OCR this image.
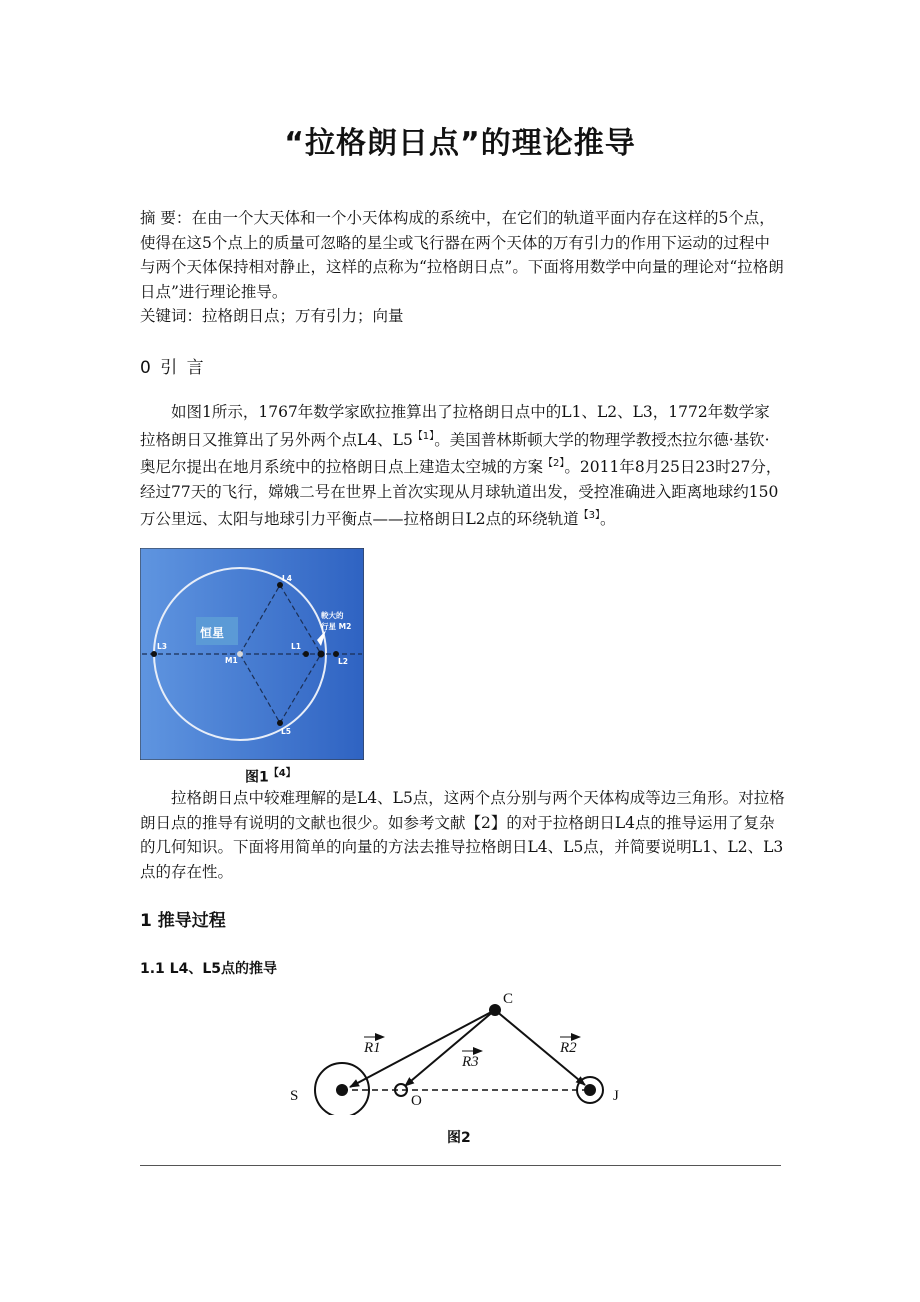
“拉格朗日点”的理论推导
摘 要：在由一个大天体和一个小天体构成的系统中，在它们的轨道平面内存在这样的5个点，使得在这5个点上的质量可忽略的星尘或飞行器在两个天体的万有引力的作用下运动的过程中与两个天体保持相对静止，这样的点称为“拉格朗日点”。下面将用数学中向量的理论对“拉格朗日点”进行理论推导。
关键词：拉格朗日点；万有引力；向量
0 引 言
如图1所示，1767年数学家欧拉推算出了拉格朗日点中的L1、L2、L3，1772年数学家拉格朗日又推算出了另外两个点L4、L5$^{【1】}$。美国普林斯顿大学的物理学教授杰拉尔德·基钦·奥尼尔提出在地月系统中的拉格朗日点上建造太空城的方案$^{【2】}$。2011年8月25日23时27分，经过77天的飞行，嫦娥二号在世界上首次实现从月球轨道出发，受控准确进入距离地球约150万公里远、太阳与地球引力平衡点——拉格朗日L2点的环绕轨道$^{【3】}$。
恒星
L4
L5
L3	L1
L2
M1
較大的
行星 M2
图1$^{【4】}$
拉格朗日点中较难理解的是L4、L5点，这两个点分别与两个天体构成等边三角形。对拉格朗日点的推导有说明的文献也很少。如参考文献【2】的对于拉格朗日L4点的推导运用了复杂的几何知识。下面将用简单的向量的方法去推导拉格朗日L4、L5点，并简要说明L1、L2、L3点的存在性。
1 推导过程
1.1 L4、L5点的推导
C
S	O	J
R1
R3
R2
图2
